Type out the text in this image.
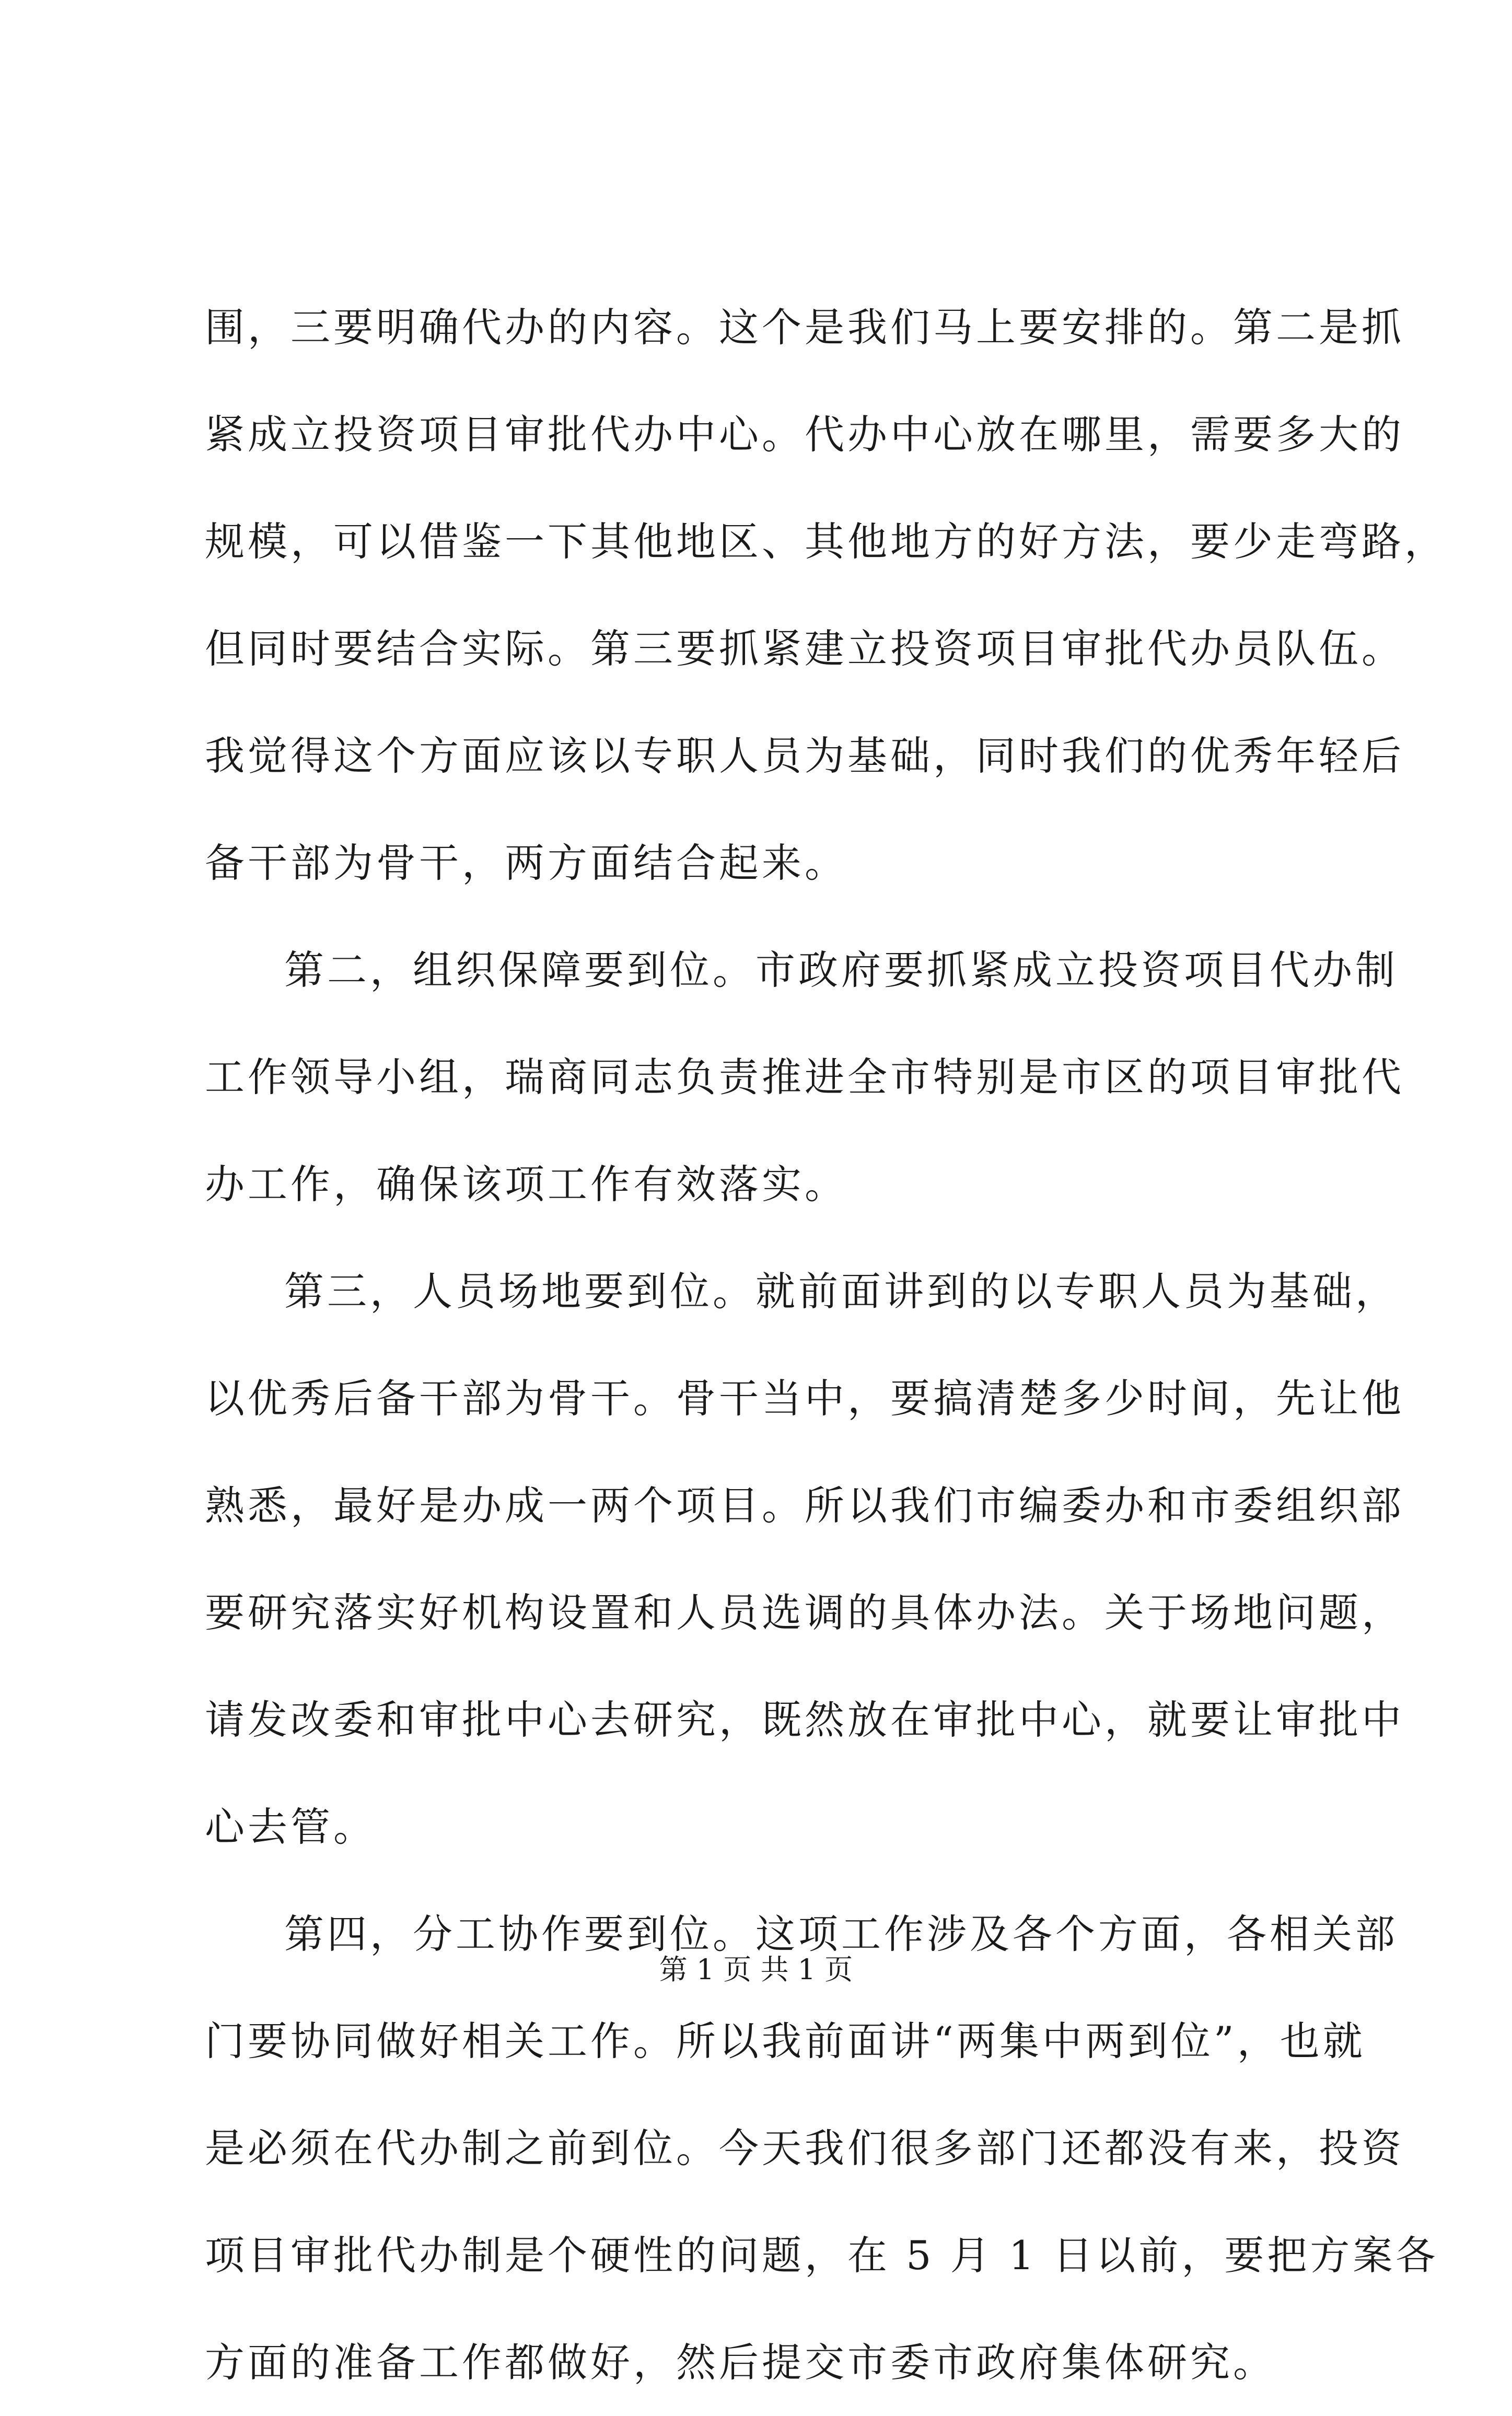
围，三要明确代办的内容。这个是我们马上要安排的。第二是抓
紧成立投资项目审批代办中心。代办中心放在哪里，需要多大的
规模，可以借鉴一下其他地区、其他地方的好方法，要少走弯路，
但同时要结合实际。第三要抓紧建立投资项目审批代办员队伍。
我觉得这个方面应该以专职人员为基础，同时我们的优秀年轻后
备干部为骨干，两方面结合起来。
第二，组织保障要到位。市政府要抓紧成立投资项目代办制
工作领导小组，瑞商同志负责推进全市特别是市区的项目审批代
办工作，确保该项工作有效落实。
第三，人员场地要到位。就前面讲到的以专职人员为基础，
以优秀后备干部为骨干。骨干当中，要搞清楚多少时间，先让他
熟悉，最好是办成一两个项目。所以我们市编委办和市委组织部
要研究落实好机构设置和人员选调的具体办法。关于场地问题，
请发改委和审批中心去研究，既然放在审批中心，就要让审批中
心去管。
第四，分工协作要到位。这项工作涉及各个方面，各相关部
门要协同做好相关工作。所以我前面讲“两集中两到位”，也就
是必须在代办制之前到位。今天我们很多部门还都没有来，投资
项目审批代办制是个硬性的问题，在 5 月 1 日以前，要把方案各
方面的准备工作都做好，然后提交市委市政府集体研究。
第 1 页 共 1 页
